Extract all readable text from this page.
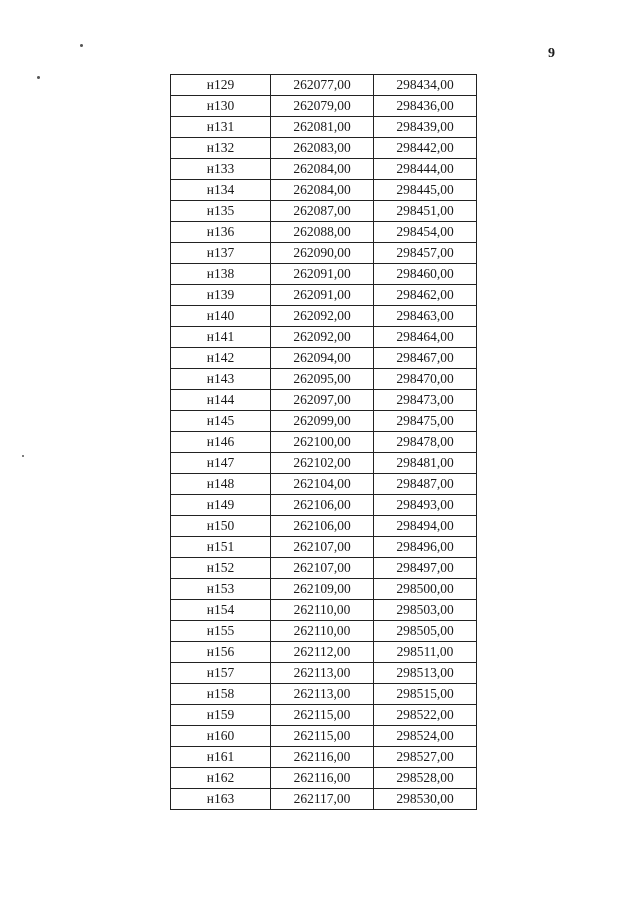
9
н129	262077,00	298434,00
н130	262079,00	298436,00
н131	262081,00	298439,00
н132	262083,00	298442,00
н133	262084,00	298444,00
н134	262084,00	298445,00
н135	262087,00	298451,00
н136	262088,00	298454,00
н137	262090,00	298457,00
н138	262091,00	298460,00
н139	262091,00	298462,00
н140	262092,00	298463,00
н141	262092,00	298464,00
н142	262094,00	298467,00
н143	262095,00	298470,00
н144	262097,00	298473,00
н145	262099,00	298475,00
н146	262100,00	298478,00
н147	262102,00	298481,00
н148	262104,00	298487,00
н149	262106,00	298493,00
н150	262106,00	298494,00
н151	262107,00	298496,00
н152	262107,00	298497,00
н153	262109,00	298500,00
н154	262110,00	298503,00
н155	262110,00	298505,00
н156	262112,00	298511,00
н157	262113,00	298513,00
н158	262113,00	298515,00
н159	262115,00	298522,00
н160	262115,00	298524,00
н161	262116,00	298527,00
н162	262116,00	298528,00
н163	262117,00	298530,00
